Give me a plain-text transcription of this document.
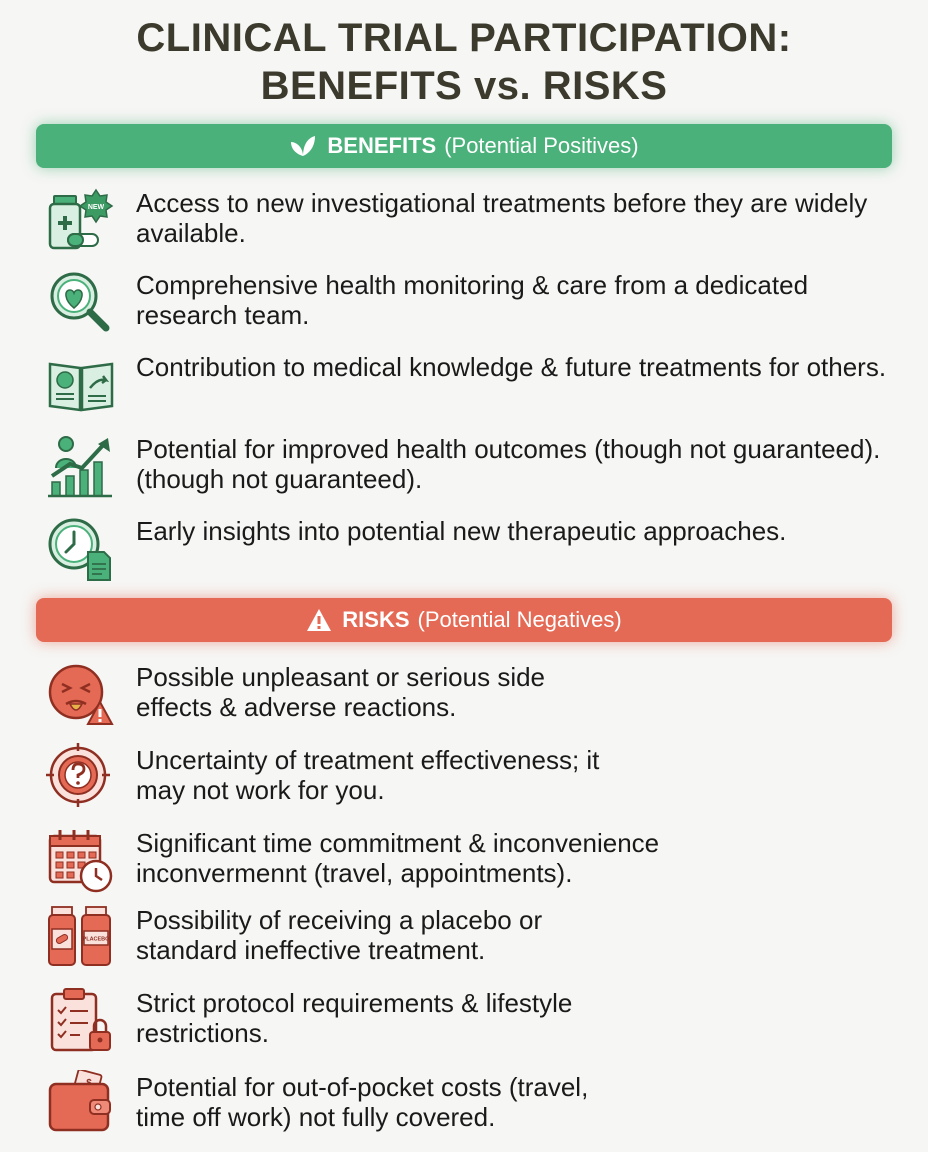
CLINICAL TRIAL PARTICIPATION:
BENEFITS vs. RISKS
BENEFITS (Potential Positives)
NEW Access to new investigational treatments before they are widely available.
Comprehensive health monitoring & care from a dedicated research team.
Contribution to medical knowledge & future treatments for others.
Potential for improved health outcomes (though not guaranteed). (though not guaranteed).
Early insights into potential new therapeutic approaches.
RISKS (Potential Negatives)
Possible unpleasant or serious side effects & adverse reactions.
Uncertainty of treatment effectiveness; it may not work for you.
Significant time commitment & inconvenience inconvermennt (travel, appointments).
PLACEBO
Possibility of receiving a placebo or standard ineffective treatment.
Strict protocol requirements & lifestyle restrictions.
Potential for out-of-pocket costs (travel, time off work) not fully covered.
